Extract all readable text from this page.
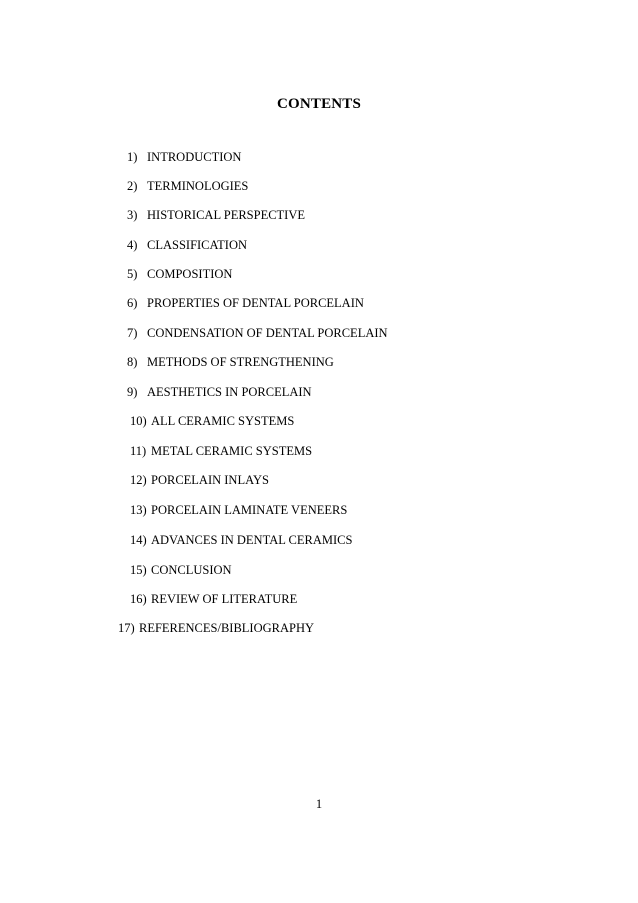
CONTENTS
1) INTRODUCTION
2) TERMINOLOGIES
3) HISTORICAL PERSPECTIVE
4) CLASSIFICATION
5) COMPOSITION
6) PROPERTIES OF DENTAL PORCELAIN
7) CONDENSATION OF DENTAL PORCELAIN
8) METHODS OF STRENGTHENING
9) AESTHETICS IN PORCELAIN
10) ALL CERAMIC SYSTEMS
11) METAL CERAMIC SYSTEMS
12) PORCELAIN INLAYS
13) PORCELAIN LAMINATE VENEERS
14) ADVANCES IN DENTAL CERAMICS
15) CONCLUSION
16) REVIEW OF LITERATURE
17) REFERENCES/BIBLIOGRAPHY
1
